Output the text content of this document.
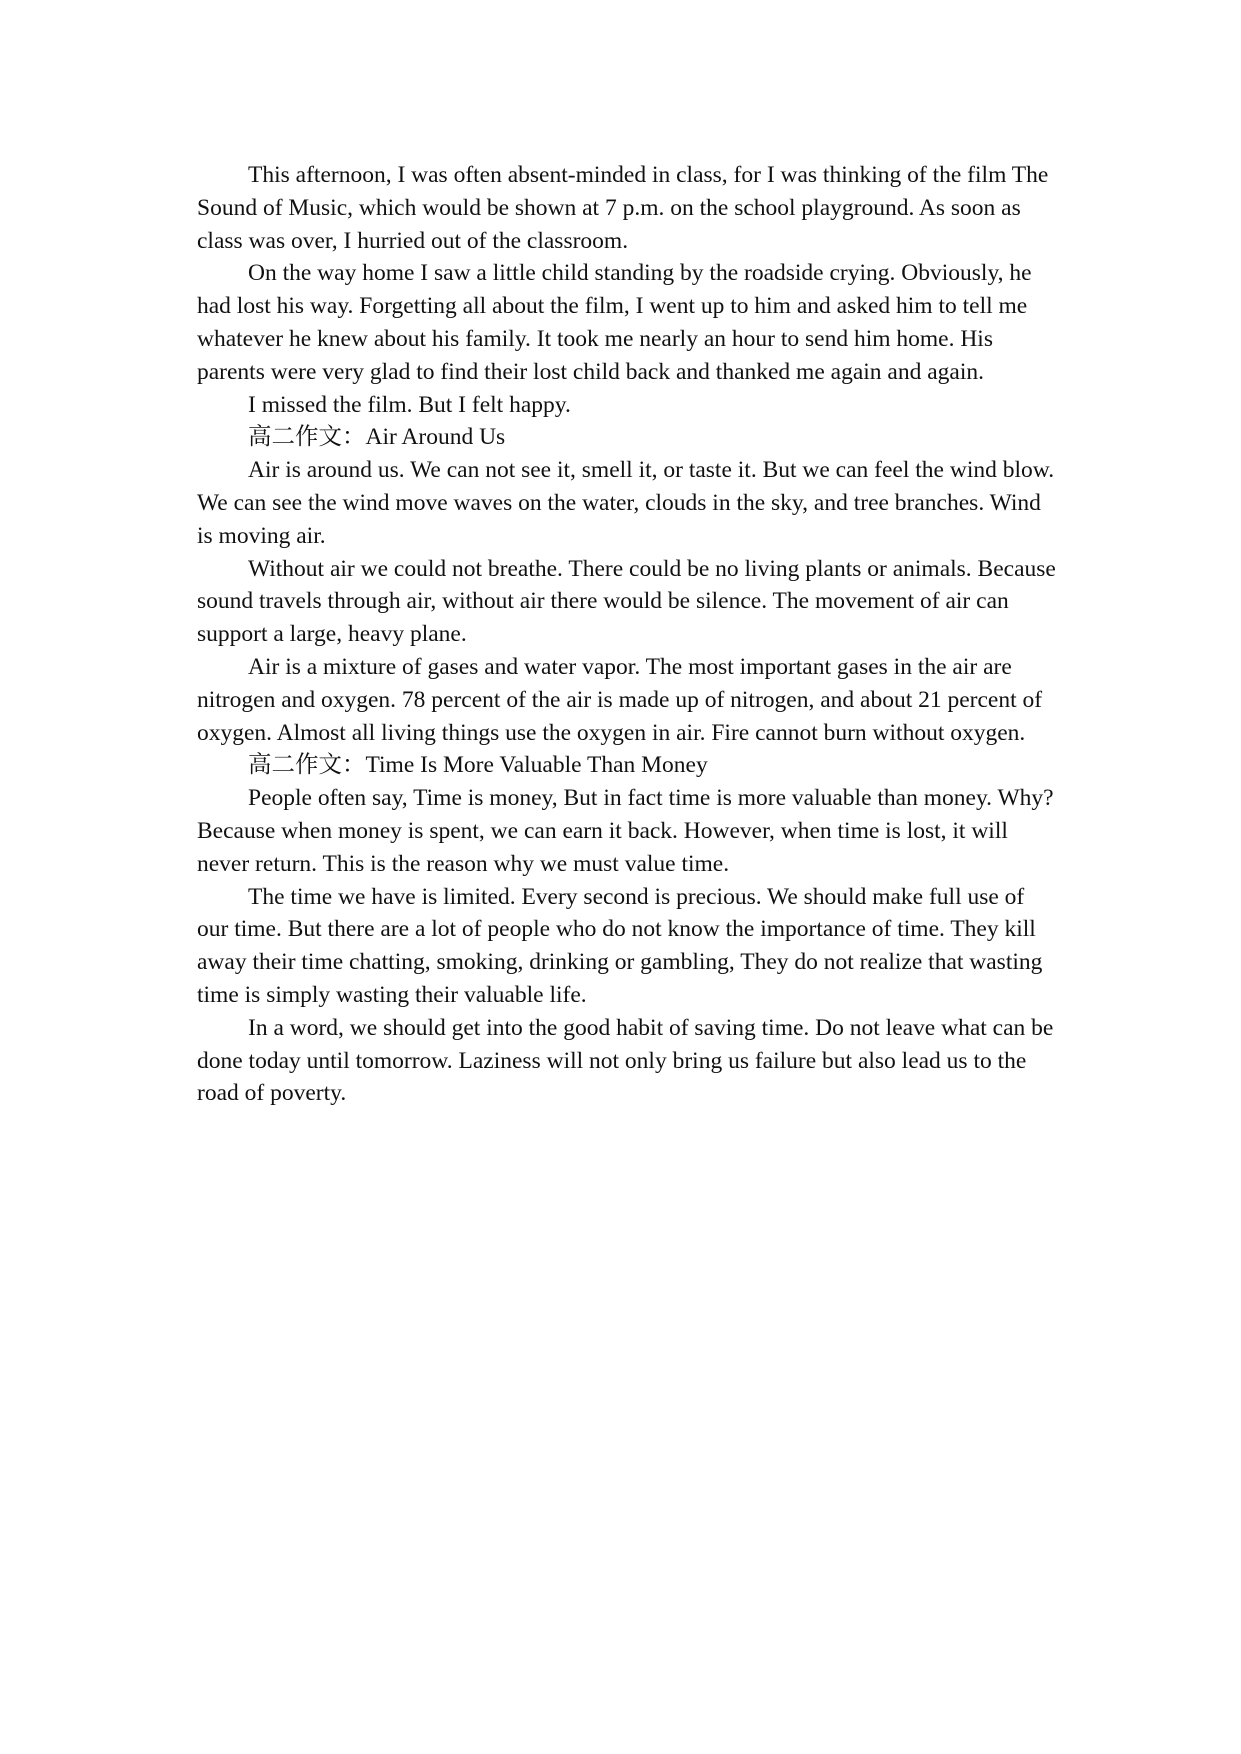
This afternoon, I was often absent-minded in class, for I was thinking of the film The Sound of Music, which would be shown at 7 p.m. on the school playground. As soon as class was over, I hurried out of the classroom.

On the way home I saw a little child standing by the roadside crying. Obviously, he had lost his way. Forgetting all about the film, I went up to him and asked him to tell me whatever he knew about his family. It took me nearly an hour to send him home. His parents were very glad to find their lost child back and thanked me again and again.

I missed the film. But I felt happy.

高二作文：Air Around Us

Air is around us. We can not see it, smell it, or taste it. But we can feel the wind blow. We can see the wind move waves on the water, clouds in the sky, and tree branches. Wind is moving air.

Without air we could not breathe. There could be no living plants or animals. Because sound travels through air, without air there would be silence. The movement of air can support a large, heavy plane.

Air is a mixture of gases and water vapor. The most important gases in the air are nitrogen and oxygen. 78 percent of the air is made up of nitrogen, and about 21 percent of oxygen. Almost all living things use the oxygen in air. Fire cannot burn without oxygen.

高二作文：Time Is More Valuable Than Money

People often say, Time is money, But in fact time is more valuable than money. Why? Because when money is spent, we can earn it back. However, when time is lost, it will never return. This is the reason why we must value time.

The time we have is limited. Every second is precious. We should make full use of our time. But there are a lot of people who do not know the importance of time. They kill away their time chatting, smoking, drinking or gambling, They do not realize that wasting time is simply wasting their valuable life.

In a word, we should get into the good habit of saving time. Do not leave what can be done today until tomorrow. Laziness will not only bring us failure but also lead us to the road of poverty.
